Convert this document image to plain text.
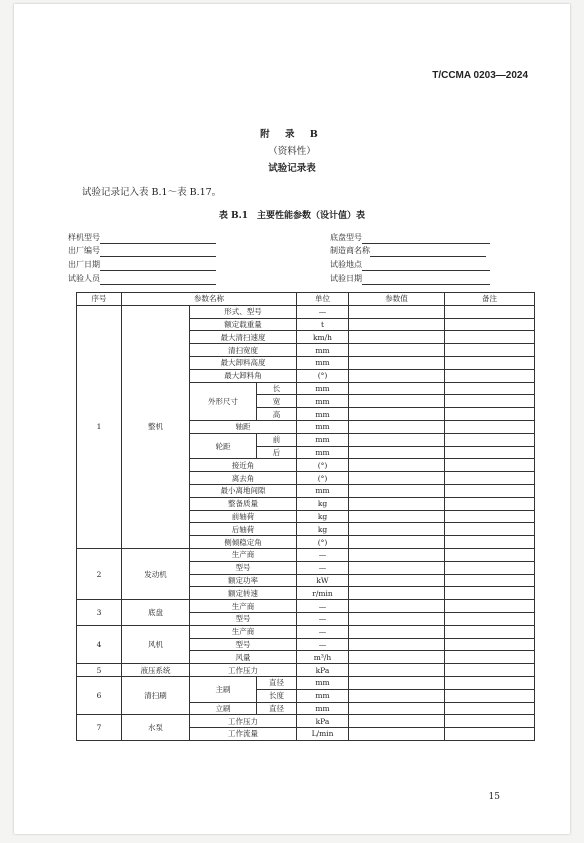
T/CCMA 0203—2024
附 录 B
（资料性）
试验记录表
试验记录记入表 B.1～表 B.17。
表 B.1　主要性能参数（设计值）表
样机型号	底盘型号
出厂编号	制造商名称
出厂日期	试验地点
试验人员	试验日期
序号	参数名称			单位	参数值	备注
1	整机	形式、型号		—		
		额定载重量		t		
		最大清扫速度		km/h		
		清扫宽度		mm		
		最大卸料高度		mm		
		最大卸料角		(°)		
		外形尺寸	长	mm		
			宽	mm		
			高	mm		
		轴距		mm		
		轮距	前	mm		
			后	mm		
		接近角		(°)		
		离去角		(°)		
		最小离地间隙		mm		
		整备质量		kg		
		前轴荷		kg		
		后轴荷		kg		
		侧倾稳定角		(°)		
2	发动机	生产商		—		
		型号		—		
		额定功率		kW		
		额定转速		r/min		
3	底盘	生产商		—		
		型号		—		
4	风机	生产商		—		
		型号		—		
		风量		m³/h		
5	液压系统	工作压力		kPa		
6	清扫刷	主刷	直径	mm		
			长度	mm		
		立刷	直径	mm		
7	水泵	工作压力		kPa		
		工作流量		L/min		
15
